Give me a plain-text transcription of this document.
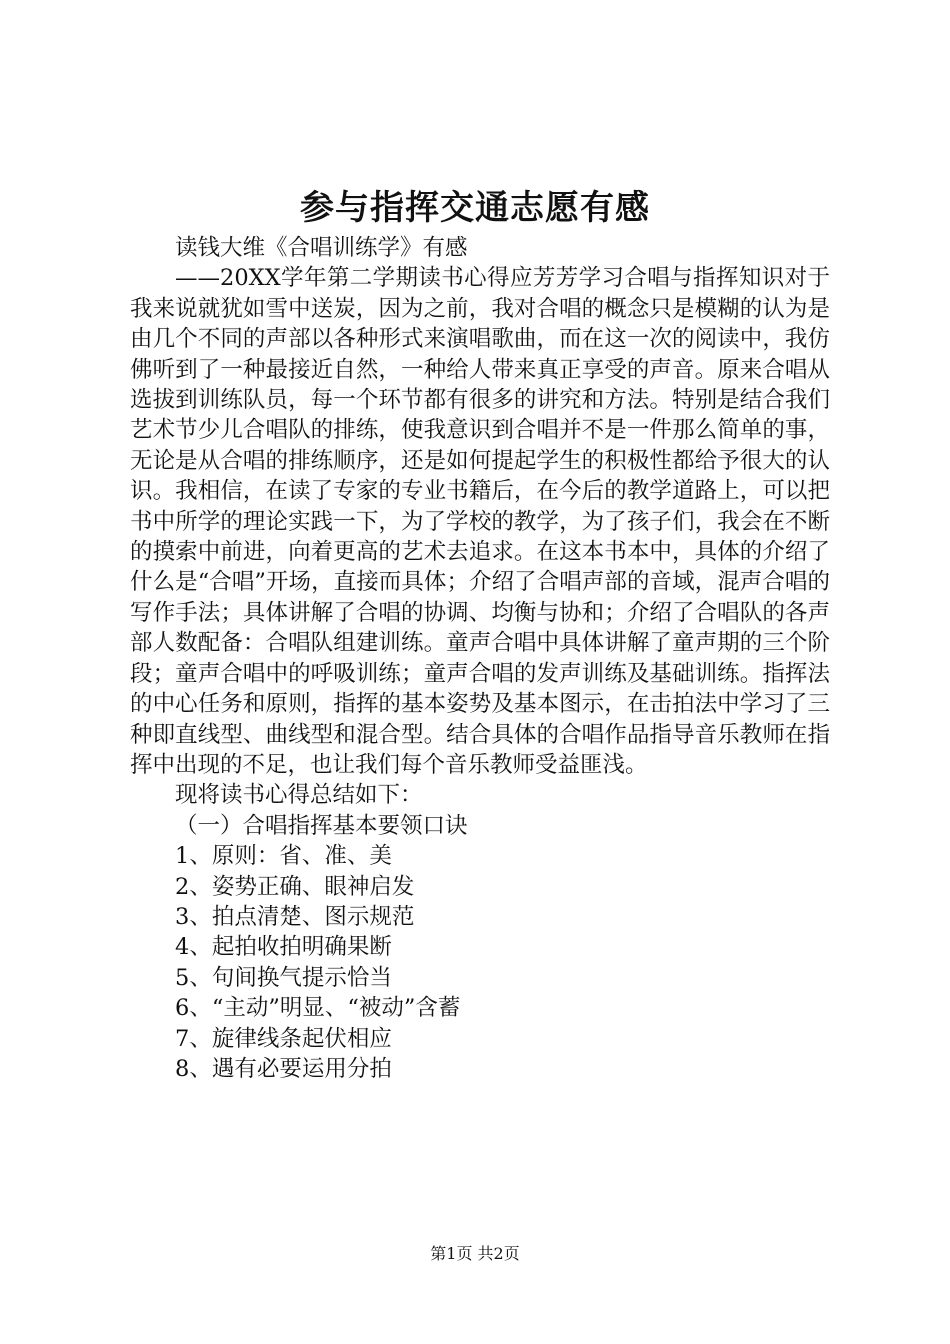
参与指挥交通志愿有感

读钱大维《合唱训练学》有感

——20XX学年第二学期读书心得应芳芳学习合唱与指挥知识对于我来说就犹如雪中送炭，因为之前，我对合唱的概念只是模糊的认为是由几个不同的声部以各种形式来演唱歌曲，而在这一次的阅读中，我仿佛听到了一种最接近自然，一种给人带来真正享受的声音。原来合唱从选拔到训练队员，每一个环节都有很多的讲究和方法。特别是结合我们艺术节少儿合唱队的排练，使我意识到合唱并不是一件那么简单的事，无论是从合唱的排练顺序，还是如何提起学生的积极性都给予很大的认识。我相信，在读了专家的专业书籍后，在今后的教学道路上，可以把书中所学的理论实践一下，为了学校的教学，为了孩子们，我会在不断的摸索中前进，向着更高的艺术去追求。在这本书本中，具体的介绍了什么是“合唱”开场，直接而具体；介绍了合唱声部的音域，混声合唱的写作手法；具体讲解了合唱的协调、均衡与协和；介绍了合唱队的各声部人数配备：合唱队组建训练。童声合唱中具体讲解了童声期的三个阶段；童声合唱中的呼吸训练；童声合唱的发声训练及基础训练。指挥法的中心任务和原则，指挥的基本姿势及基本图示，在击拍法中学习了三种即直线型、曲线型和混合型。结合具体的合唱作品指导音乐教师在指挥中出现的不足，也让我们每个音乐教师受益匪浅。

现将读书心得总结如下：

（一）合唱指挥基本要领口诀

1、原则：省、准、美

2、姿势正确、眼神启发

3、拍点清楚、图示规范

4、起拍收拍明确果断

5、句间换气提示恰当

6、“主动”明显、“被动”含蓄

7、旋律线条起伏相应

8、遇有必要运用分拍

第1页 共2页
